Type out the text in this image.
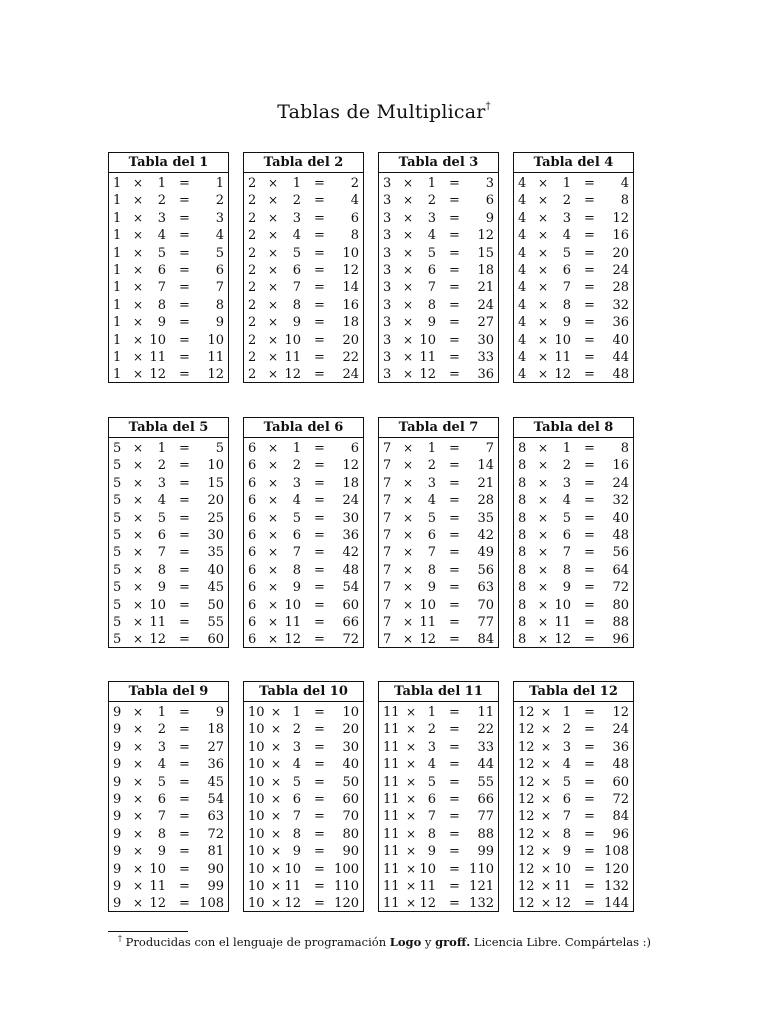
Tablas de Multiplicar†
Tabla del 1
1 × 1 = 1
1 × 2 = 2
1 × 3 = 3
1 × 4 = 4
1 × 5 = 5
1 × 6 = 6
1 × 7 = 7
1 × 8 = 8
1 × 9 = 9
1 × 10 = 10
1 × 11 = 11
1 × 12 = 12
Tabla del 2
2 × 1 = 2
2 × 2 = 4
2 × 3 = 6
2 × 4 = 8
2 × 5 = 10
2 × 6 = 12
2 × 7 = 14
2 × 8 = 16
2 × 9 = 18
2 × 10 = 20
2 × 11 = 22
2 × 12 = 24
Tabla del 3
3 × 1 = 3
3 × 2 = 6
3 × 3 = 9
3 × 4 = 12
3 × 5 = 15
3 × 6 = 18
3 × 7 = 21
3 × 8 = 24
3 × 9 = 27
3 × 10 = 30
3 × 11 = 33
3 × 12 = 36
Tabla del 4
4 × 1 = 4
4 × 2 = 8
4 × 3 = 12
4 × 4 = 16
4 × 5 = 20
4 × 6 = 24
4 × 7 = 28
4 × 8 = 32
4 × 9 = 36
4 × 10 = 40
4 × 11 = 44
4 × 12 = 48
Tabla del 5
5 × 1 = 5
5 × 2 = 10
5 × 3 = 15
5 × 4 = 20
5 × 5 = 25
5 × 6 = 30
5 × 7 = 35
5 × 8 = 40
5 × 9 = 45
5 × 10 = 50
5 × 11 = 55
5 × 12 = 60
Tabla del 6
6 × 1 = 6
6 × 2 = 12
6 × 3 = 18
6 × 4 = 24
6 × 5 = 30
6 × 6 = 36
6 × 7 = 42
6 × 8 = 48
6 × 9 = 54
6 × 10 = 60
6 × 11 = 66
6 × 12 = 72
Tabla del 7
7 × 1 = 7
7 × 2 = 14
7 × 3 = 21
7 × 4 = 28
7 × 5 = 35
7 × 6 = 42
7 × 7 = 49
7 × 8 = 56
7 × 9 = 63
7 × 10 = 70
7 × 11 = 77
7 × 12 = 84
Tabla del 8
8 × 1 = 8
8 × 2 = 16
8 × 3 = 24
8 × 4 = 32
8 × 5 = 40
8 × 6 = 48
8 × 7 = 56
8 × 8 = 64
8 × 9 = 72
8 × 10 = 80
8 × 11 = 88
8 × 12 = 96
Tabla del 9
9 × 1 = 9
9 × 2 = 18
9 × 3 = 27
9 × 4 = 36
9 × 5 = 45
9 × 6 = 54
9 × 7 = 63
9 × 8 = 72
9 × 9 = 81
9 × 10 = 90
9 × 11 = 99
9 × 12 = 108
Tabla del 10
10 × 1 = 10
10 × 2 = 20
10 × 3 = 30
10 × 4 = 40
10 × 5 = 50
10 × 6 = 60
10 × 7 = 70
10 × 8 = 80
10 × 9 = 90
10 × 10 = 100
10 × 11 = 110
10 × 12 = 120
Tabla del 11
11 × 1 = 11
11 × 2 = 22
11 × 3 = 33
11 × 4 = 44
11 × 5 = 55
11 × 6 = 66
11 × 7 = 77
11 × 8 = 88
11 × 9 = 99
11 × 10 = 110
11 × 11 = 121
11 × 12 = 132
Tabla del 12
12 × 1 = 12
12 × 2 = 24
12 × 3 = 36
12 × 4 = 48
12 × 5 = 60
12 × 6 = 72
12 × 7 = 84
12 × 8 = 96
12 × 9 = 108
12 × 10 = 120
12 × 11 = 132
12 × 12 = 144
† Producidas con el lenguaje de programación Logo y groff. Licencia Libre. Compártelas :)
